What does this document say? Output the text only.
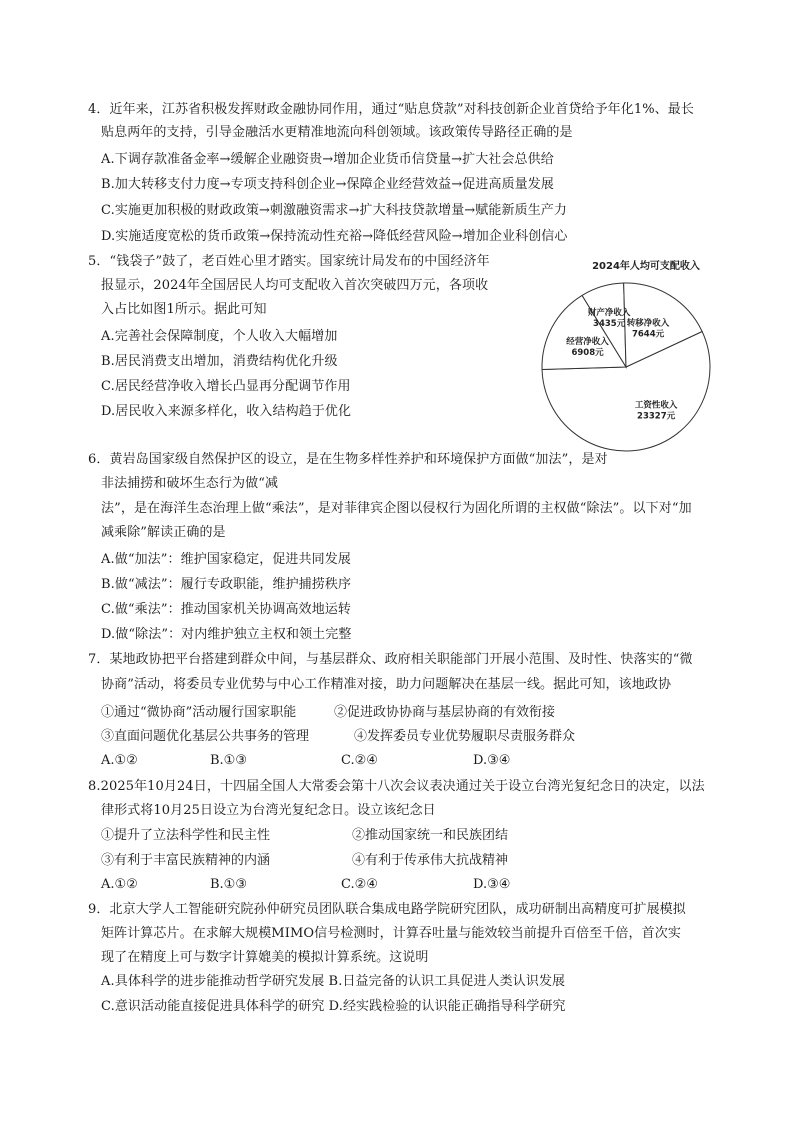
4．近年来，江苏省积极发挥财政金融协同作用，通过“贴息贷款”对科技创新企业首贷给予年化1%、最长
贴息两年的支持，引导金融活水更精准地流向科创领域。该政策传导路径正确的是
A.下调存款准备金率→缓解企业融资贵→增加企业货币信贷量→扩大社会总供给
B.加大转移支付力度→专项支持科创企业→保障企业经营效益→促进高质量发展
C.实施更加积极的财政政策→刺激融资需求→扩大科技贷款增量→赋能新质生产力
D.实施适度宽松的货币政策→保持流动性充裕→降低经营风险→增加企业科创信心
5．“钱袋子”鼓了，老百姓心里才踏实。国家统计局发布的中国经济年
报显示，2024年全国居民人均可支配收入首次突破四万元，各项收
入占比如图1所示。据此可知
A.完善社会保障制度，个人收入大幅增加
B.居民消费支出增加，消费结构优化升级
C.居民经营净收入增长凸显再分配调节作用
D.居民收入来源多样化，收入结构趋于优化
2024年人均可支配收入
工资性收入
23327元
经营净收入
6908元
财产净收入
3435元 转移净收入
7644元
6．黄岩岛国家级自然保护区的设立，是在生物多样性养护和环境保护方面做“加法”，是对
非法捕捞和破坏生态行为做“减
法”，是在海洋生态治理上做“乘法”，是对菲律宾企图以侵权行为固化所谓的主权做“除法”。以下对“加
减乘除”解读正确的是
A.做“加法”：维护国家稳定，促进共同发展
B.做“减法”：履行专政职能，维护捕捞秩序
C.做“乘法”：推动国家机关协调高效地运转
D.做“除法”：对内维护独立主权和领土完整
7．某地政协把平台搭建到群众中间，与基层群众、政府相关职能部门开展小范围、及时性、快落实的“微
协商”活动，将委员专业优势与中心工作精准对接，助力问题解决在基层一线。据此可知，该地政协
①通过“微协商”活动履行国家职能	②促进政协协商与基层协商的有效衔接
③直面问题优化基层公共事务的管理	④发挥委员专业优势履职尽责服务群众
A.①②	B.①③	C.②④	D.③④
8.2025年10月24日，十四届全国人大常委会第十八次会议表决通过关于设立台湾光复纪念日的决定，以法
律形式将10月25日设立为台湾光复纪念日。设立该纪念日
①提升了立法科学性和民主性	②推动国家统一和民族团结
③有利于丰富民族精神的内涵	④有利于传承伟大抗战精神
A.①②	B.①③	C.②④	D.③④
9．北京大学人工智能研究院孙仲研究员团队联合集成电路学院研究团队，成功研制出高精度可扩展模拟
矩阵计算芯片。在求解大规模MIMO信号检测时，计算吞吐量与能效较当前提升百倍至千倍，首次实
现了在精度上可与数字计算媲美的模拟计算系统。这说明
A.具体科学的进步能推动哲学研究发展 B.日益完备的认识工具促进人类认识发展
C.意识活动能直接促进具体科学的研究 D.经实践检验的认识能正确指导科学研究
